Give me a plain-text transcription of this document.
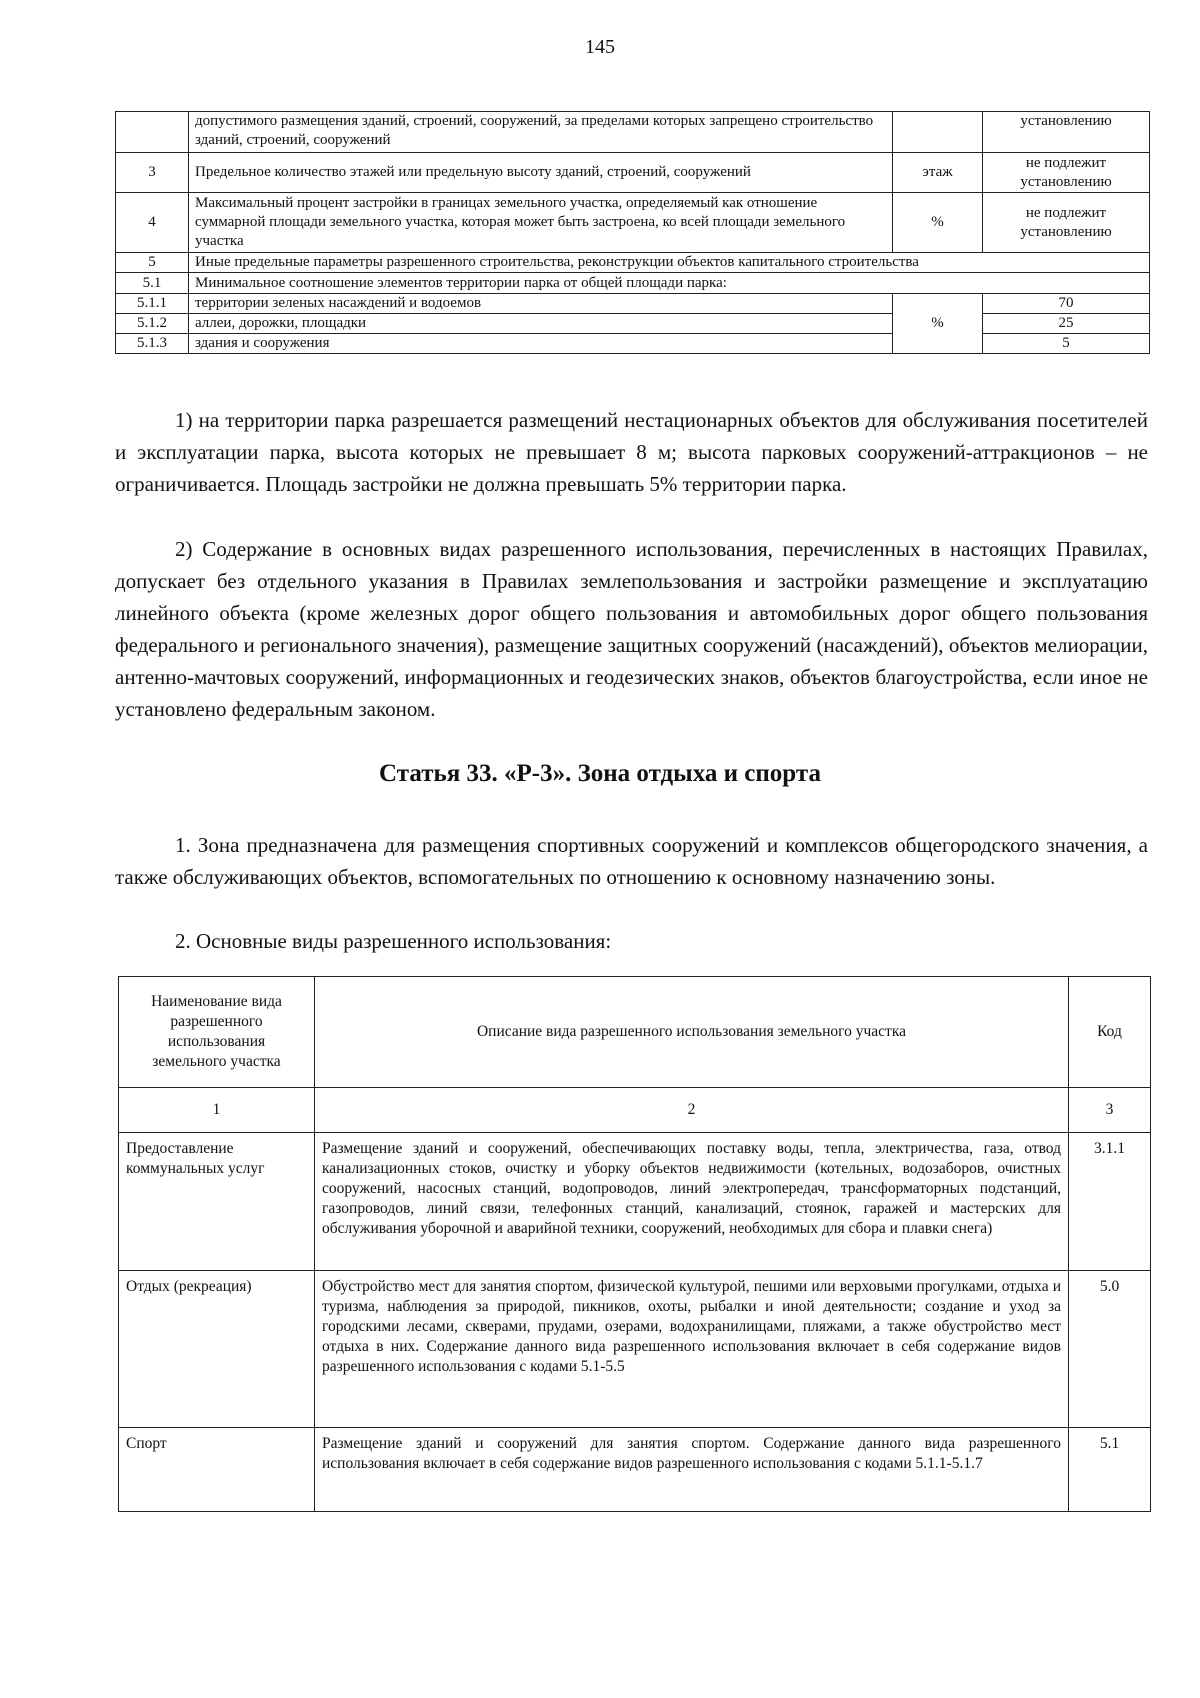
145
	допустимого размещения зданий, строений, сооружений, за пределами которых запрещено строительство зданий, строений, сооружений		установлению
3	Предельное количество этажей или предельную высоту зданий, строений, сооружений	этаж	не подлежит установлению
4	Максимальный процент застройки в границах земельного участка, определяемый как отношение суммарной площади земельного участка, которая может быть застроена, ко всей площади земельного участка	%	не подлежит установлению
5	Иные предельные параметры разрешенного строительства, реконструкции объектов капитального строительства		
5.1	Минимальное соотношение элементов территории парка от общей площади парка:		
5.1.1	территории зеленых насаждений и водоемов	%	70
5.1.2	аллеи, дорожки, площадки		25
5.1.3	здания и сооружения		5

1) на территории парка разрешается размещений нестационарных объектов для обслуживания посетителей и эксплуатации парка, высота которых не превышает 8 м; высота парковых сооружений-аттракционов – не ограничивается. Площадь застройки не должна превышать 5% территории парка.

2) Содержание в основных видах разрешенного использования, перечисленных в настоящих Правилах, допускает без отдельного указания в Правилах землепользования и застройки размещение и эксплуатацию линейного объекта (кроме железных дорог общего пользования и автомобильных дорог общего пользования федерального и регионального значения), размещение защитных сооружений (насаждений), объектов мелиорации, антенно-мачтовых сооружений, информационных и геодезических знаков, объектов благоустройства, если иное не установлено федеральным законом.

Статья 33. «Р-3». Зона отдыха и спорта

1. Зона предназначена для размещения спортивных сооружений и комплексов общегородского значения, а также обслуживающих объектов, вспомогательных по отношению к основному назначению зоны.

2. Основные виды разрешенного использования:

Наименование вида разрешенного использования земельного участка	Описание вида разрешенного использования земельного участка	Код
1	2	3
Предоставление коммунальных услуг	Размещение зданий и сооружений, обеспечивающих поставку воды, тепла, электричества, газа, отвод канализационных стоков, очистку и уборку объектов недвижимости (котельных, водозаборов, очистных сооружений, насосных станций, водопроводов, линий электропередач, трансформаторных подстанций, газопроводов, линий связи, телефонных станций, канализаций, стоянок, гаражей и мастерских для обслуживания уборочной и аварийной техники, сооружений, необходимых для сбора и плавки снега)	3.1.1
Отдых (рекреация)	Обустройство мест для занятия спортом, физической культурой, пешими или верховыми прогулками, отдыха и туризма, наблюдения за природой, пикников, охоты, рыбалки и иной деятельности; создание и уход за городскими лесами, скверами, прудами, озерами, водохранилищами, пляжами, а также обустройство мест отдыха в них. Содержание данного вида разрешенного использования включает в себя содержание видов разрешенного использования с кодами 5.1-5.5	5.0
Спорт	Размещение зданий и сооружений для занятия спортом. Содержание данного вида разрешенного использования включает в себя содержание видов разрешенного использования с кодами 5.1.1-5.1.7	5.1
